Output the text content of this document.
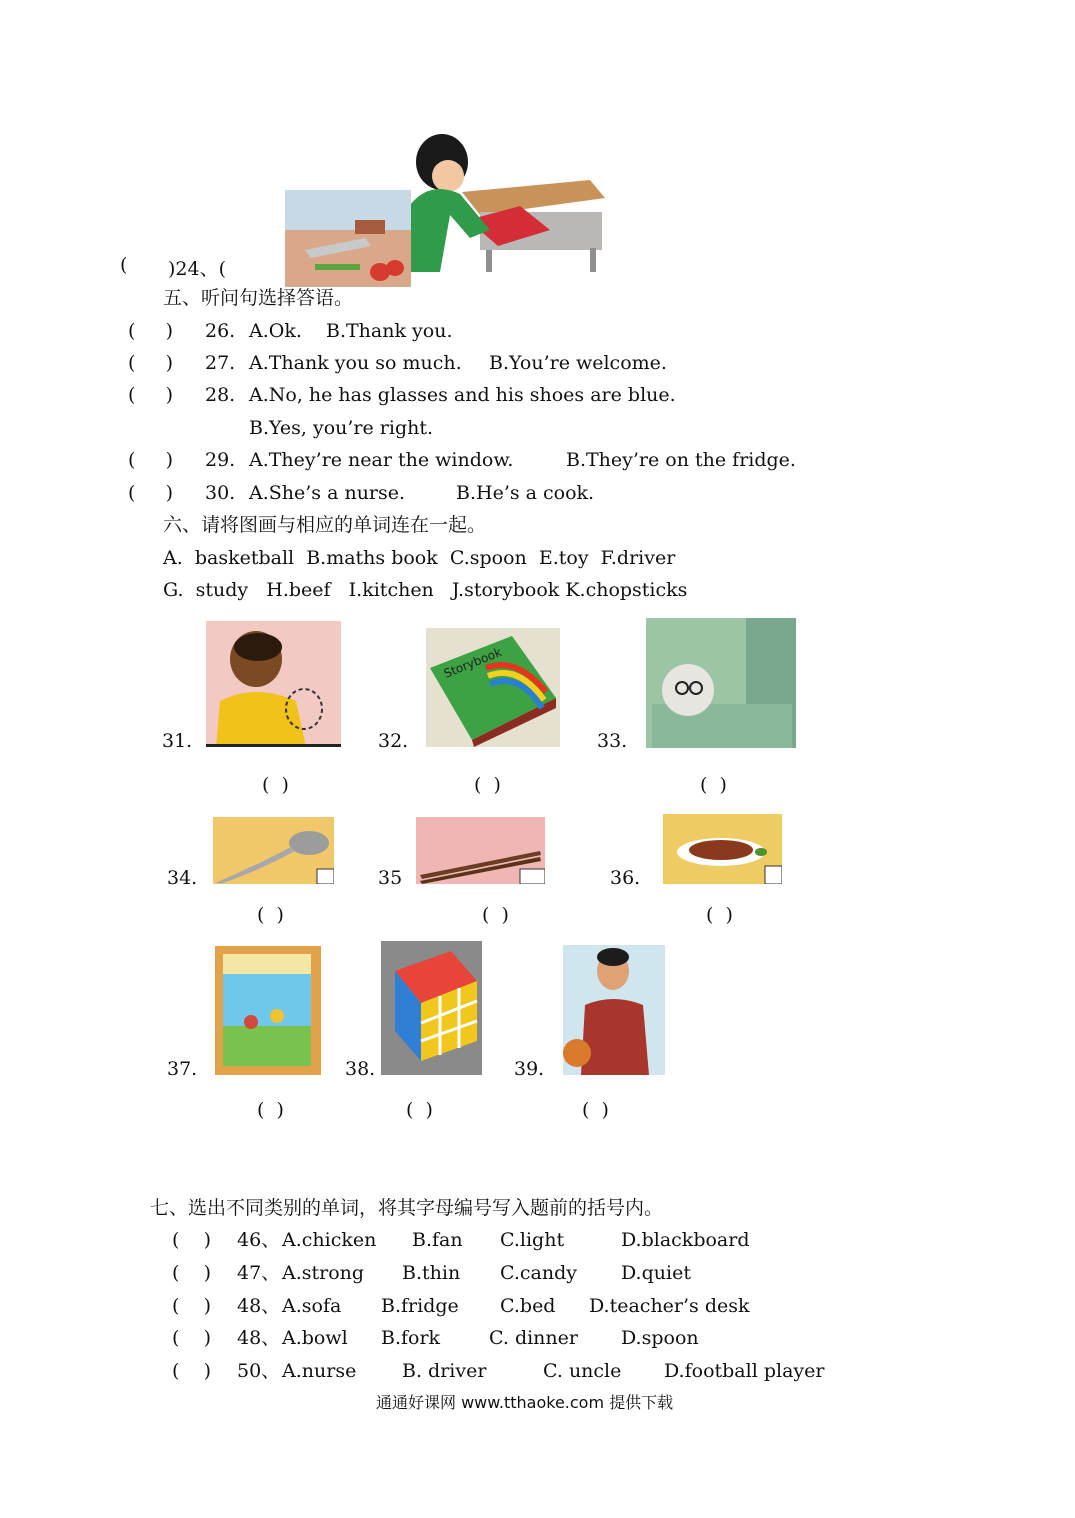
( )24、(
五、听问句选择答语。
(     ) 26. A.Ok. B.Thank you.
(     ) 27. A.Thank you so much. B.You’re welcome.
(     ) 28. A.No, he has glasses and his shoes are blue.
B.Yes, you’re right.
(     ) 29. A.They’re near the window.	B.They’re on the fridge.
(     ) 30. A.She’s a nurse.	B.He’s a cook.
六、请将图画与相应的单词连在一起。
A.  basketball  B.maths book  C.spoon  E.toy  F.driver
G.  study   H.beef   I.kitchen   J.storybook K.chopsticks
31.	32.
Storybook
33.
(  )	(  )	(  )
34.	35	36.
(  )	(  )	(  )
37.	38.	39.
(  )	(  )	(  )
七、选出不同类别的单词，将其字母编号写入题前的括号内。
(    ) 46、 A.chicken B.fan C.light	D.blackboard
(    ) 47、 A.strong B.thin C.candy D.quiet
(    ) 48、 A.sofa B.fridge C.bed D.teacher’s desk
(    ) 48、 A.bowl B.fork	C. dinner D.spoon
(    ) 50、 A.nurse B. driver	C. uncle D.football player
通通好课网 www.tthaoke.com 提供下载
